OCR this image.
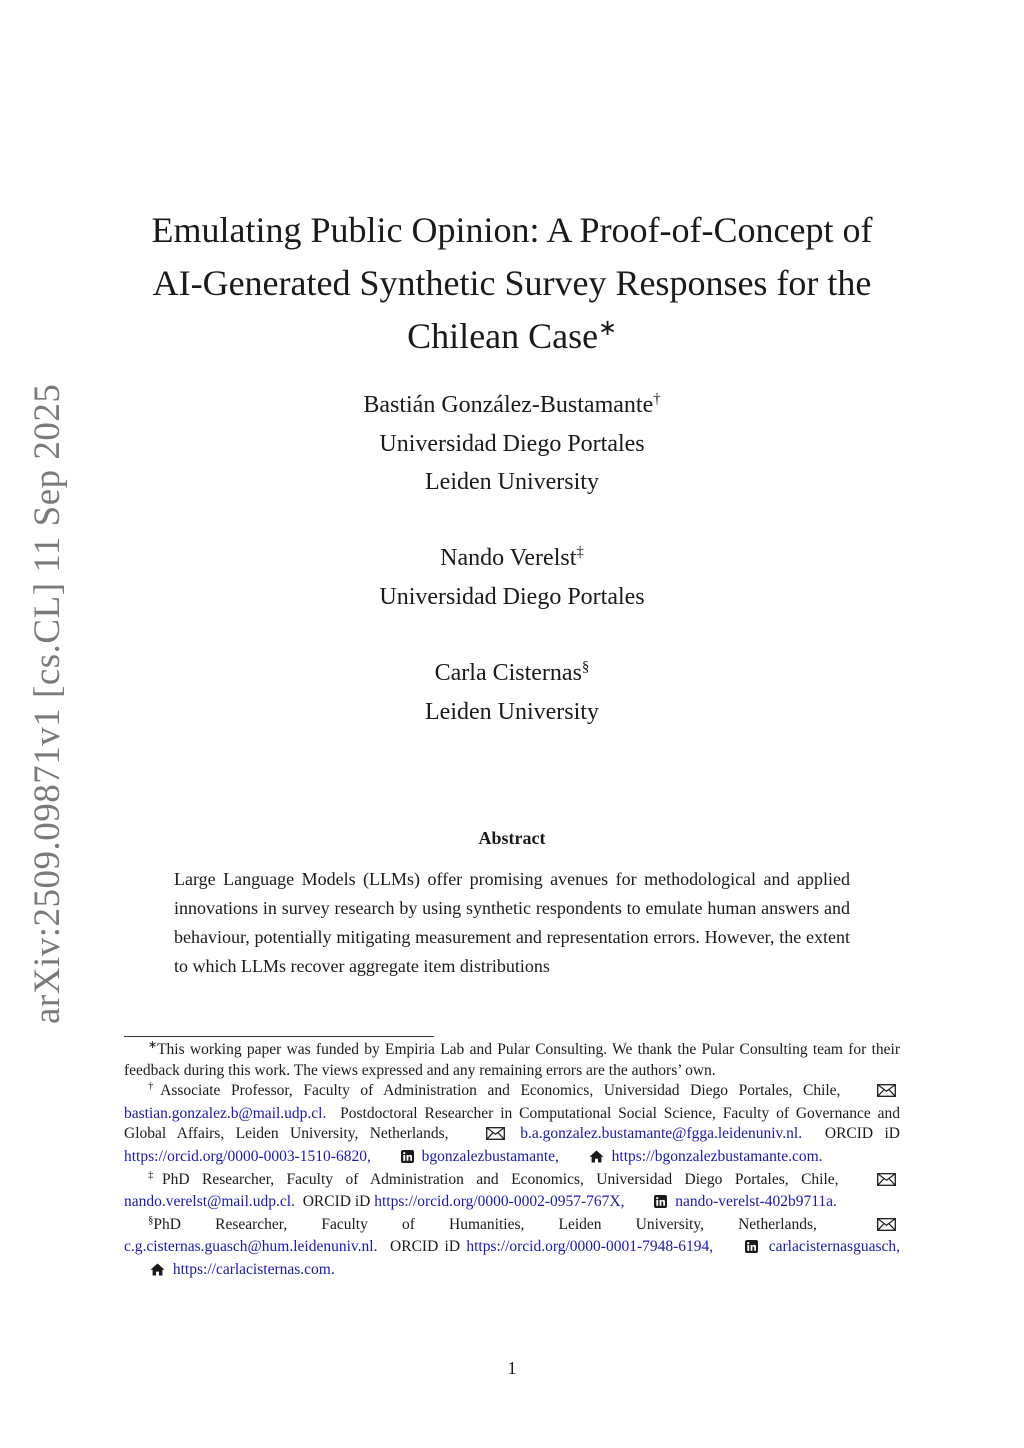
arXiv:2509.09871v1 [cs.CL] 11 Sep 2025
Emulating Public Opinion: A Proof-of-Concept of
AI-Generated Synthetic Survey Responses for the
Chilean Case∗
Bastián González-Bustamante†
Universidad Diego Portales
Leiden University
Nando Verelst‡
Universidad Diego Portales
Carla Cisternas§
Leiden University
Abstract
Large Language Models (LLMs) offer promising avenues for methodological and applied innovations in survey research by using synthetic respondents to emulate human answers and behaviour, potentially mitigating measurement and representation errors. However, the extent to which LLMs recover aggregate item distributions

∗This working paper was funded by Empiria Lab and Pular Consulting. We thank the Pular Consulting team for their feedback during this work. The views expressed and any remaining errors are the authors’ own.

†Associate Professor, Faculty of Administration and Economics, Universidad Diego Portales, Chile,  bastian.gonzalez.b@mail.udp.cl. Postdoctoral Researcher in Computational Social Science, Faculty of Governance and Global Affairs, Leiden University, Netherlands,	b.a.gonzalez.bustamante@fgga.leidenuniv.nl. ORCID iD https://orcid.org/0000-0003-1510-6820,	bgonzalezbustamante,	https://bgonzalezbustamante.com.

‡PhD Researcher, Faculty of Administration and Economics, Universidad Diego Portales, Chile,  nando.verelst@mail.udp.cl. ORCID iD https://orcid.org/0000-0002-0957-767X,	nando-verelst-402b9711a.

§PhD Researcher, Faculty of Humanities, Leiden University, Netherlands,  c.g.cisternas.guasch@hum.leidenuniv.nl. ORCID iD https://orcid.org/0000-0001-7948-6194,	carlacisternasguasch,  https://carlacisternas.com.

1
